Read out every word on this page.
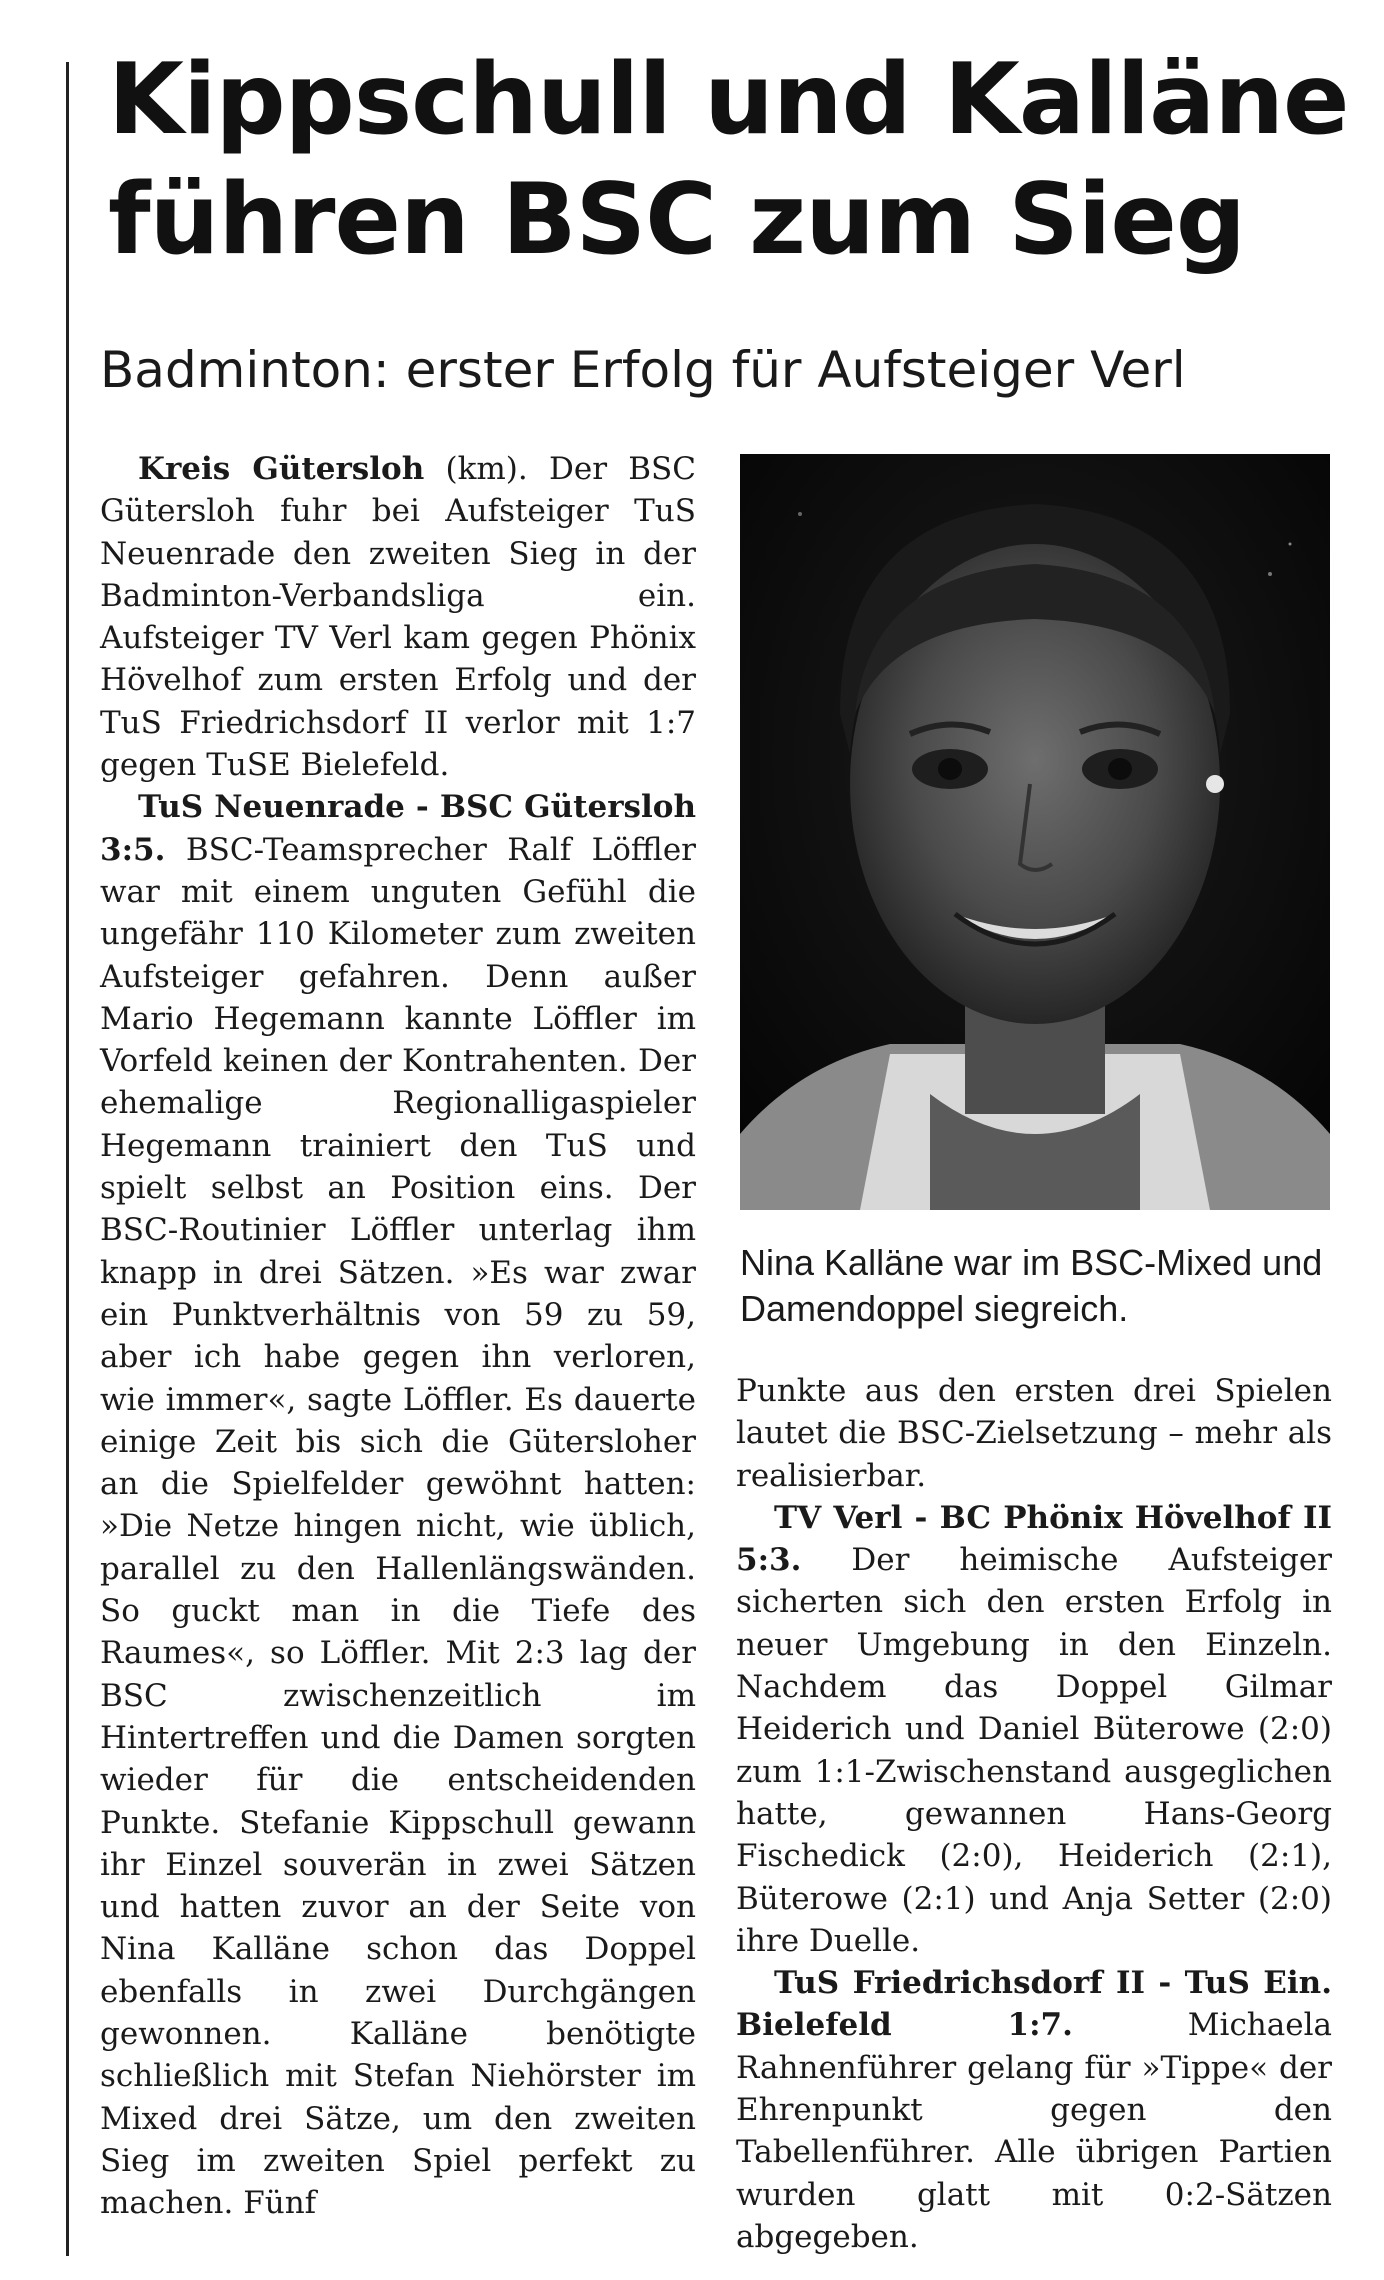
Kippschull und Kalläne
führen BSC zum Sieg
Badminton: erster Erfolg für Aufsteiger Verl

Kreis Gütersloh (km). Der BSC Gütersloh fuhr bei Aufsteiger TuS Neuenrade den zweiten Sieg in der Badminton-Verbandsliga ein. Aufsteiger TV Verl kam gegen Phönix Hövelhof zum ersten Erfolg und der TuS Friedrichsdorf II verlor mit 1:7 gegen TuSE Bielefeld.

TuS Neuenrade - BSC Gütersloh 3:5. BSC-Teamsprecher Ralf Löffler war mit einem unguten Gefühl die ungefähr 110 Kilometer zum zweiten Aufsteiger gefahren. Denn außer Mario Hegemann kannte Löffler im Vorfeld keinen der Kontrahenten. Der ehemalige Regionalligaspieler Hegemann trainiert den TuS und spielt selbst an Position eins. Der BSC-Routinier Löffler unterlag ihm knapp in drei Sätzen. »Es war zwar ein Punktverhältnis von 59 zu 59, aber ich habe gegen ihn verloren, wie immer«, sagte Löffler. Es dauerte einige Zeit bis sich die Gütersloher an die Spielfelder gewöhnt hatten: »Die Netze hingen nicht, wie üblich, parallel zu den Hallenlängswänden. So guckt man in die Tiefe des Raumes«, so Löffler. Mit 2:3 lag der BSC zwischenzeitlich im Hintertreffen und die Damen sorgten wieder für die entscheidenden Punkte. Stefanie Kippschull gewann ihr Einzel souverän in zwei Sätzen und hatten zuvor an der Seite von Nina Kalläne schon das Doppel ebenfalls in zwei Durchgängen gewonnen. Kalläne benötigte schließlich mit Stefan Niehörster im Mixed drei Sätze, um den zweiten Sieg im zweiten Spiel perfekt zu machen. Fünf

Nina Kalläne war im BSC-Mixed und Damendoppel siegreich.

Punkte aus den ersten drei Spielen lautet die BSC-Zielsetzung – mehr als realisierbar.

TV Verl - BC Phönix Hövelhof II 5:3. Der heimische Aufsteiger sicherten sich den ersten Erfolg in neuer Umgebung in den Einzeln. Nachdem das Doppel Gilmar Heiderich und Daniel Büterowe (2:0) zum 1:1-Zwischenstand ausgeglichen hatte, gewannen Hans-Georg Fischedick (2:0), Heiderich (2:1), Büterowe (2:1) und Anja Setter (2:0) ihre Duelle.

TuS Friedrichsdorf II - TuS Ein. Bielefeld 1:7. Michaela Rahnenführer gelang für »Tippe« der Ehrenpunkt gegen den Tabellenführer. Alle übrigen Partien wurden glatt mit 0:2-Sätzen abgegeben.
